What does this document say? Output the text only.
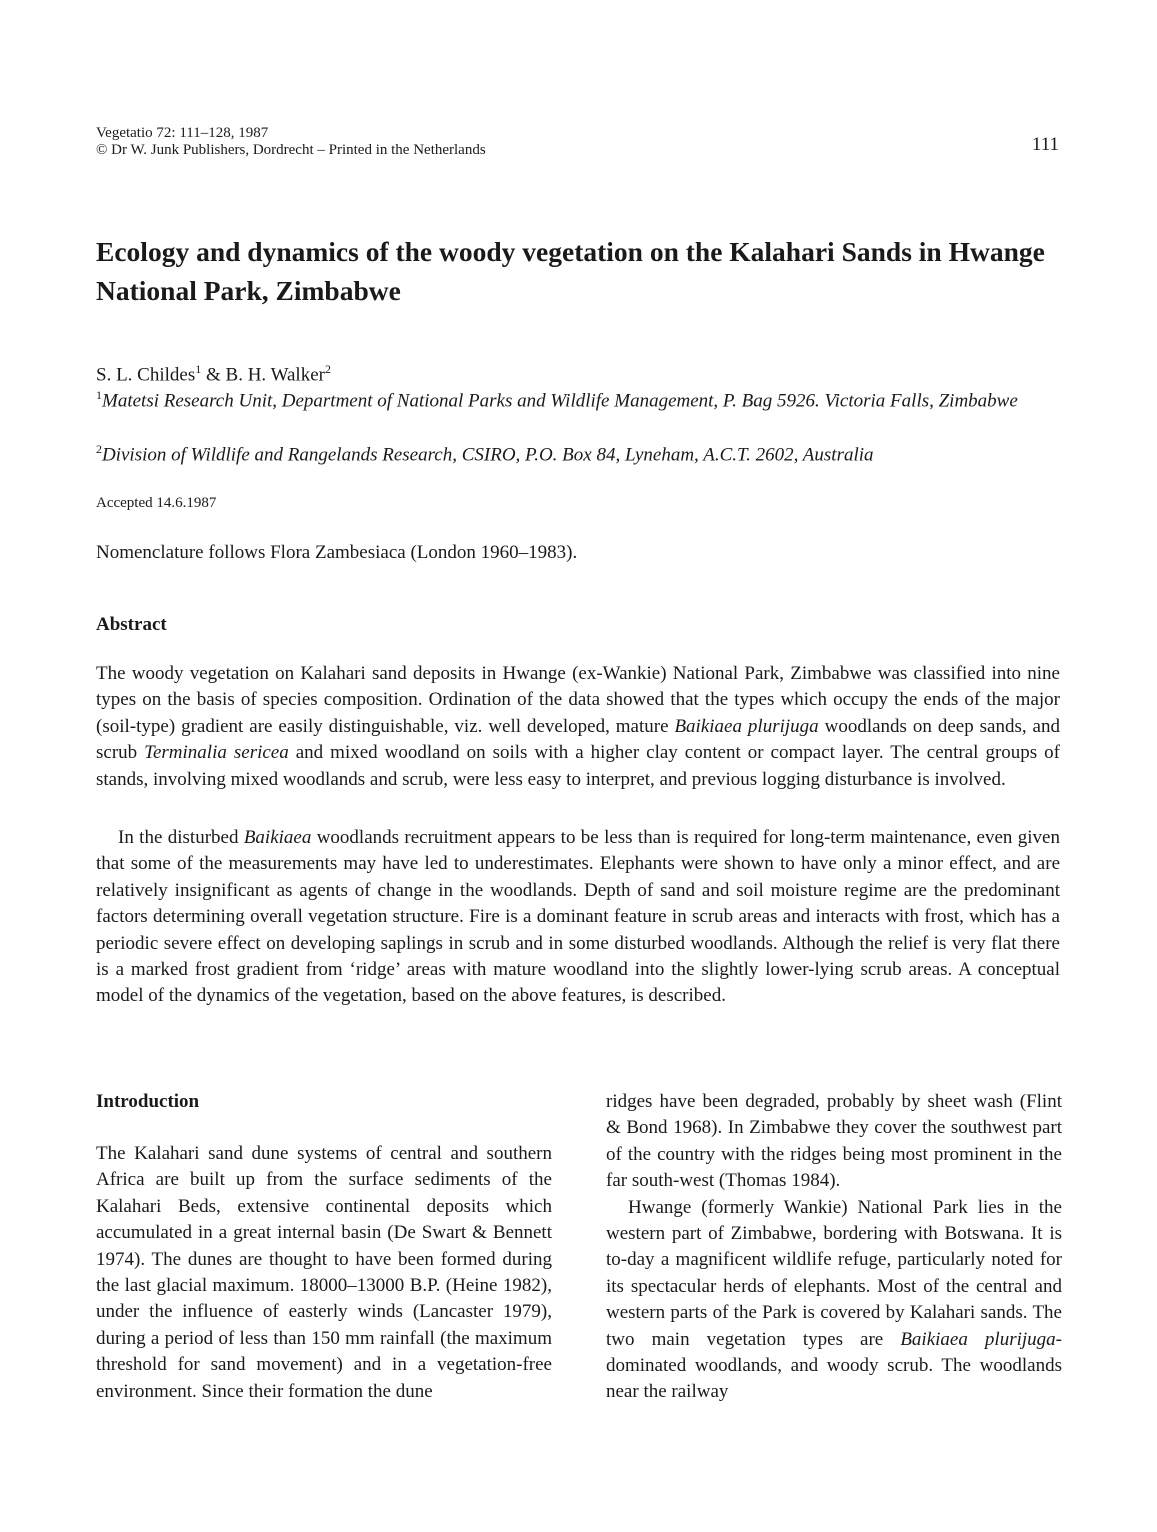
Vegetatio 72: 111–128, 1987
© Dr W. Junk Publishers, Dordrecht – Printed in the Netherlands	111
Ecology and dynamics of the woody vegetation on the Kalahari Sands in Hwange National Park, Zimbabwe
S. L. Childes$^1$ & B. H. Walker$^2$
$^1$Matetsi Research Unit, Department of National Parks and Wildlife Management, P. Bag 5926. Victoria Falls, Zimbabwe
$^2$Division of Wildlife and Rangelands Research, CSIRO, P.O. Box 84, Lyneham, A.C.T. 2602, Australia
Accepted 14.6.1987
Nomenclature follows Flora Zambesiaca (London 1960–1983).
Abstract

The woody vegetation on Kalahari sand deposits in Hwange (ex-Wankie) National Park, Zimbabwe was classified into nine types on the basis of species composition. Ordination of the data showed that the types which occupy the ends of the major (soil-type) gradient are easily distinguishable, viz. well developed, mature Baikiaea plurijuga woodlands on deep sands, and scrub Terminalia sericea and mixed woodland on soils with a higher clay content or compact layer. The central groups of stands, involving mixed woodlands and scrub, were less easy to interpret, and previous logging disturbance is involved.

In the disturbed Baikiaea woodlands recruitment appears to be less than is required for long-term maintenance, even given that some of the measurements may have led to underestimates. Elephants were shown to have only a minor effect, and are relatively insignificant as agents of change in the woodlands. Depth of sand and soil moisture regime are the predominant factors determining overall vegetation structure. Fire is a dominant feature in scrub areas and interacts with frost, which has a periodic severe effect on developing saplings in scrub and in some disturbed woodlands. Although the relief is very flat there is a marked frost gradient from ‘ridge’ areas with mature woodland into the slightly lower-lying scrub areas. A conceptual model of the dynamics of the vegetation, based on the above features, is described.

Introduction

The Kalahari sand dune systems of central and southern Africa are built up from the surface sediments of the Kalahari Beds, extensive continental deposits which accumulated in a great internal basin (De Swart & Bennett 1974). The dunes are thought to have been formed during the last glacial maximum. 18000–13000 B.P. (Heine 1982), under the influence of easterly winds (Lancaster 1979), during a period of less than 150 mm rainfall (the maximum threshold for sand movement) and in a vegetation-free environment. Since their formation the dune

ridges have been degraded, probably by sheet wash (Flint & Bond 1968). In Zimbabwe they cover the southwest part of the country with the ridges being most prominent in the far south-west (Thomas 1984).

Hwange (formerly Wankie) National Park lies in the western part of Zimbabwe, bordering with Botswana. It is to-day a magnificent wildlife refuge, particularly noted for its spectacular herds of elephants. Most of the central and western parts of the Park is covered by Kalahari sands. The two main vegetation types are Baikiaea plurijuga-dominated woodlands, and woody scrub. The woodlands near the railway
